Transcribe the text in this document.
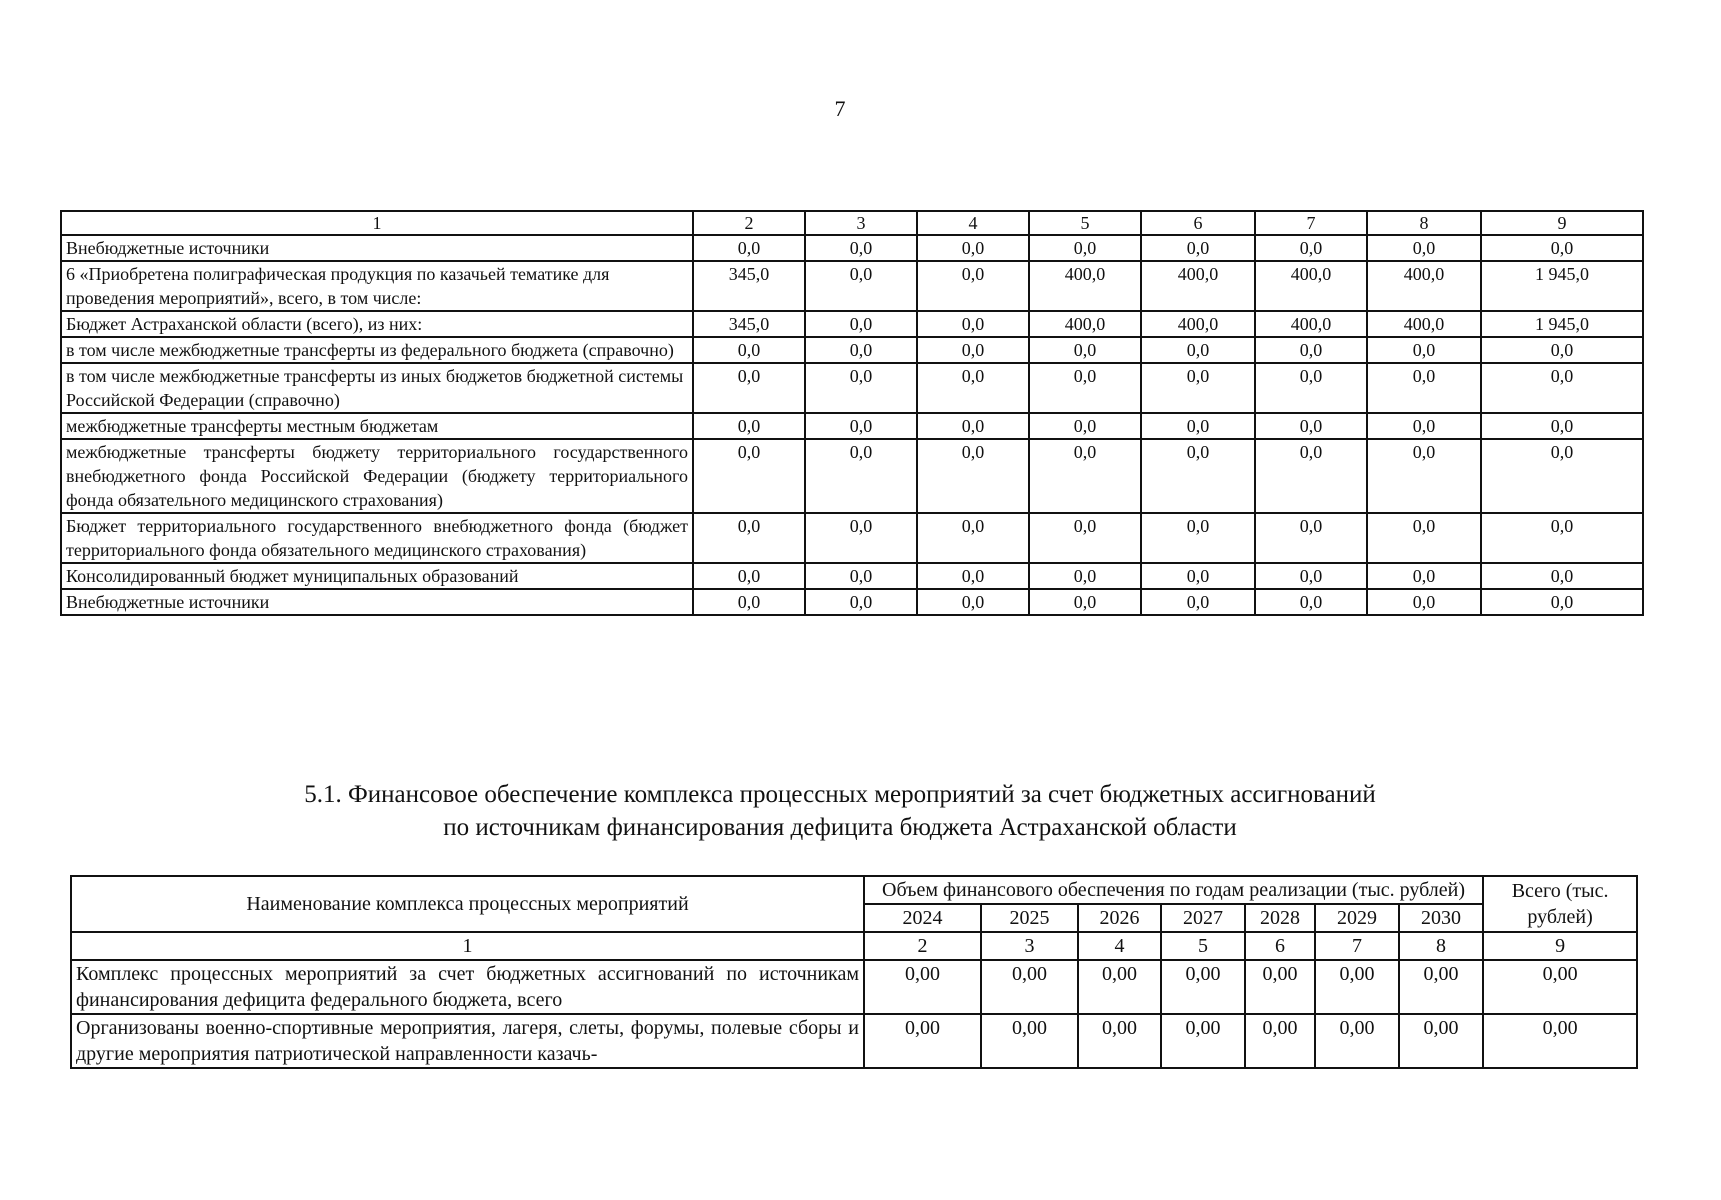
7
1	2	3	4	5	6	7	8	9
Внебюджетные источники	0,0	0,0	0,0	0,0	0,0	0,0	0,0	0,0
6 «Приобретена полиграфическая продукция по казачьей тематике для проведения мероприятий», всего, в том числе:	345,0	0,0	0,0	400,0	400,0	400,0	400,0	1 945,0
Бюджет Астраханской области (всего), из них:	345,0	0,0	0,0	400,0	400,0	400,0	400,0	1 945,0
в том числе межбюджетные трансферты из федерального бюджета (справочно)	0,0	0,0	0,0	0,0	0,0	0,0	0,0	0,0
в том числе межбюджетные трансферты из иных бюджетов бюджетной системы Российской Федерации (справочно)	0,0	0,0	0,0	0,0	0,0	0,0	0,0	0,0
межбюджетные трансферты местным бюджетам	0,0	0,0	0,0	0,0	0,0	0,0	0,0	0,0
межбюджетные трансферты бюджету территориального государственного внебюджетного фонда Российской Федерации (бюджету территориального фонда обязательного медицинского страхования)	0,0	0,0	0,0	0,0	0,0	0,0	0,0	0,0
Бюджет территориального государственного внебюджетного фонда (бюджет территориального фонда обязательного медицинского страхования)	0,0	0,0	0,0	0,0	0,0	0,0	0,0	0,0
Консолидированный бюджет муниципальных образований	0,0	0,0	0,0	0,0	0,0	0,0	0,0	0,0
Внебюджетные источники	0,0	0,0	0,0	0,0	0,0	0,0	0,0	0,0
5.1. Финансовое обеспечение комплекса процессных мероприятий за счет бюджетных ассигнований
по источникам финансирования дефицита бюджета Астраханской области
Наименование комплекса процессных мероприятий	Объем финансового обеспечения по годам реализации (тыс. рублей)							Всего (тыс. рублей)
	2024	2025	2026	2027	2028	2029	2030	
1	2	3	4	5	6	7	8	9
Комплекс процессных мероприятий за счет бюджетных ассигнований по источникам финансирования дефицита федерального бюджета, всего	0,00	0,00	0,00	0,00	0,00	0,00	0,00	0,00
Организованы военно-спортивные мероприятия, лагеря, слеты, форумы, полевые сборы и другие мероприятия патриотической направленности казачь-	0,00	0,00	0,00	0,00	0,00	0,00	0,00	0,00
